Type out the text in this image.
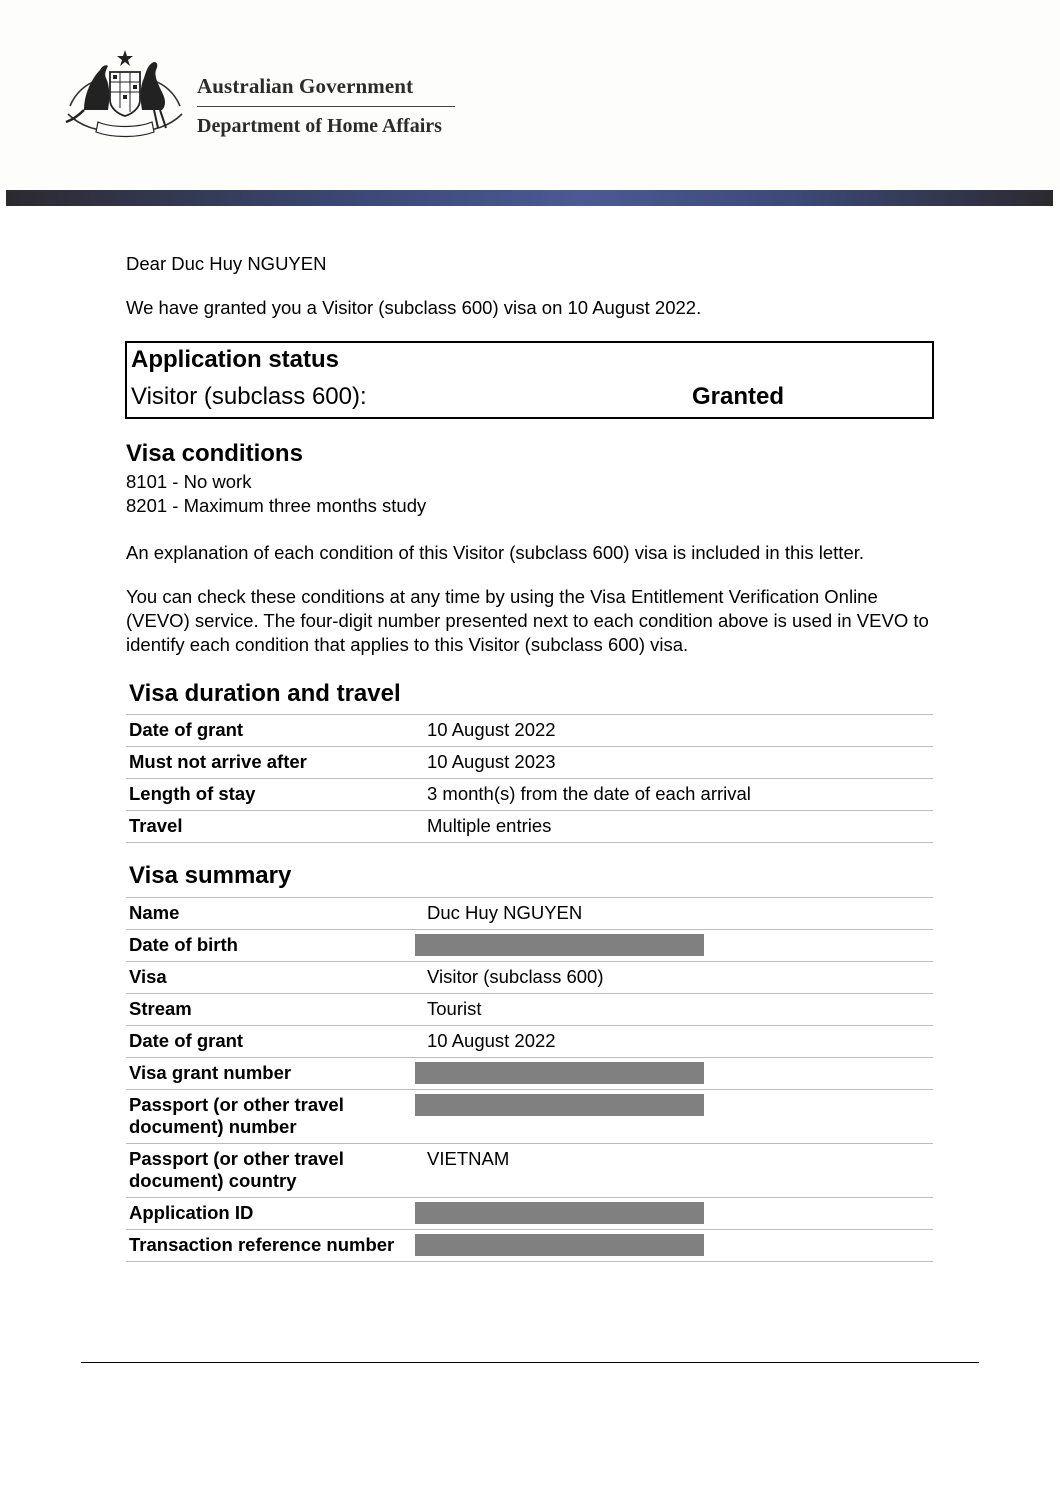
Australian Government
Department of Home Affairs
Dear Duc Huy NGUYEN
We have granted you a Visitor (subclass 600) visa on 10 August 2022.
Application status
Visitor (subclass 600):	Granted
Visa conditions
8101 - No work
8201 - Maximum three months study
An explanation of each condition of this Visitor (subclass 600) visa is included in this letter.
You can check these conditions at any time by using the Visa Entitlement Verification Online (VEVO) service. The four-digit number presented next to each condition above is used in VEVO to identify each condition that applies to this Visitor (subclass 600) visa.
Visa duration and travel
Date of grant	10 August 2022
Must not arrive after	10 August 2023
Length of stay	3 month(s) from the date of each arrival
Travel	Multiple entries
Visa summary
Name	Duc Huy NGUYEN
Date of birth	

Visa	Visitor (subclass 600)
Stream	Tourist
Date of grant	10 August 2022
Visa grant number	

Passport (or other travel document) number	

Passport (or other travel document) country	VIETNAM
Application ID	

Transaction reference number	
